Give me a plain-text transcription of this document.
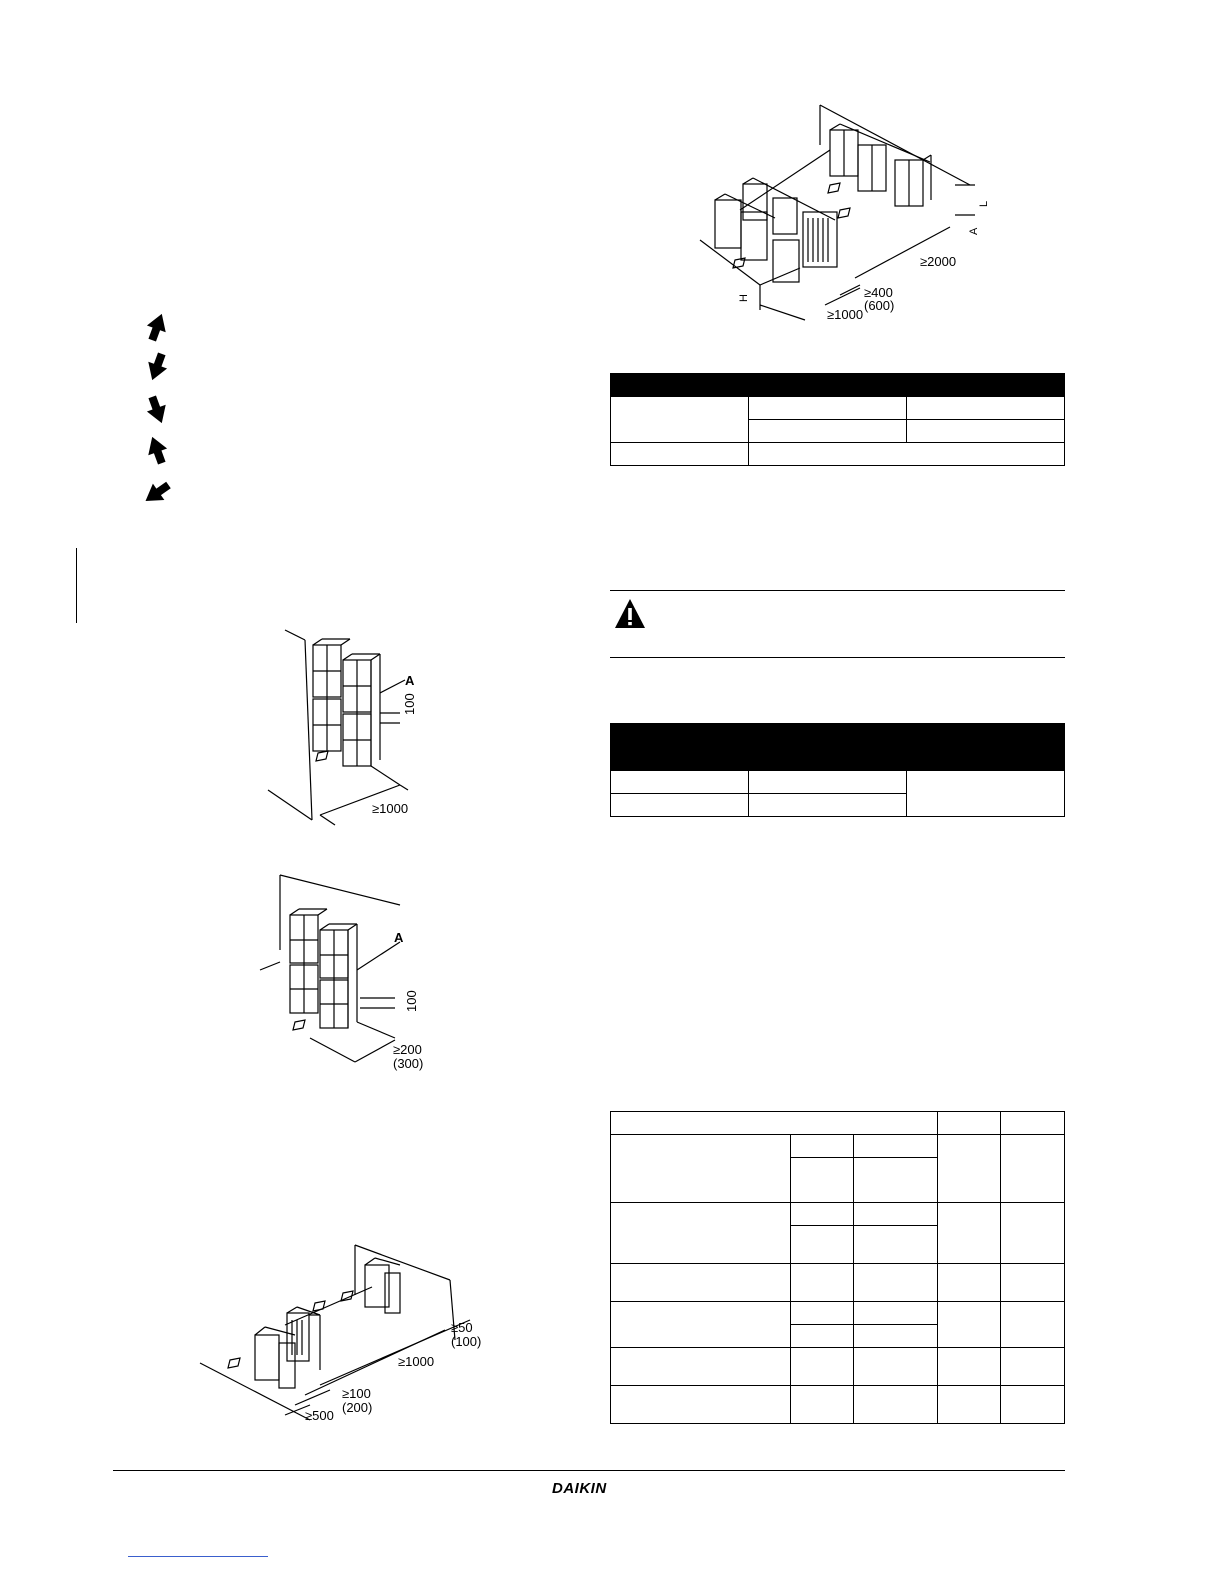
A
100
≥1000
A
100
≥200
(300)
≥50
(100)
≥1000
≥100
(200)
≥500
L
A
≥2000
H	≥400
(600)
≥1000

DAIKIN
